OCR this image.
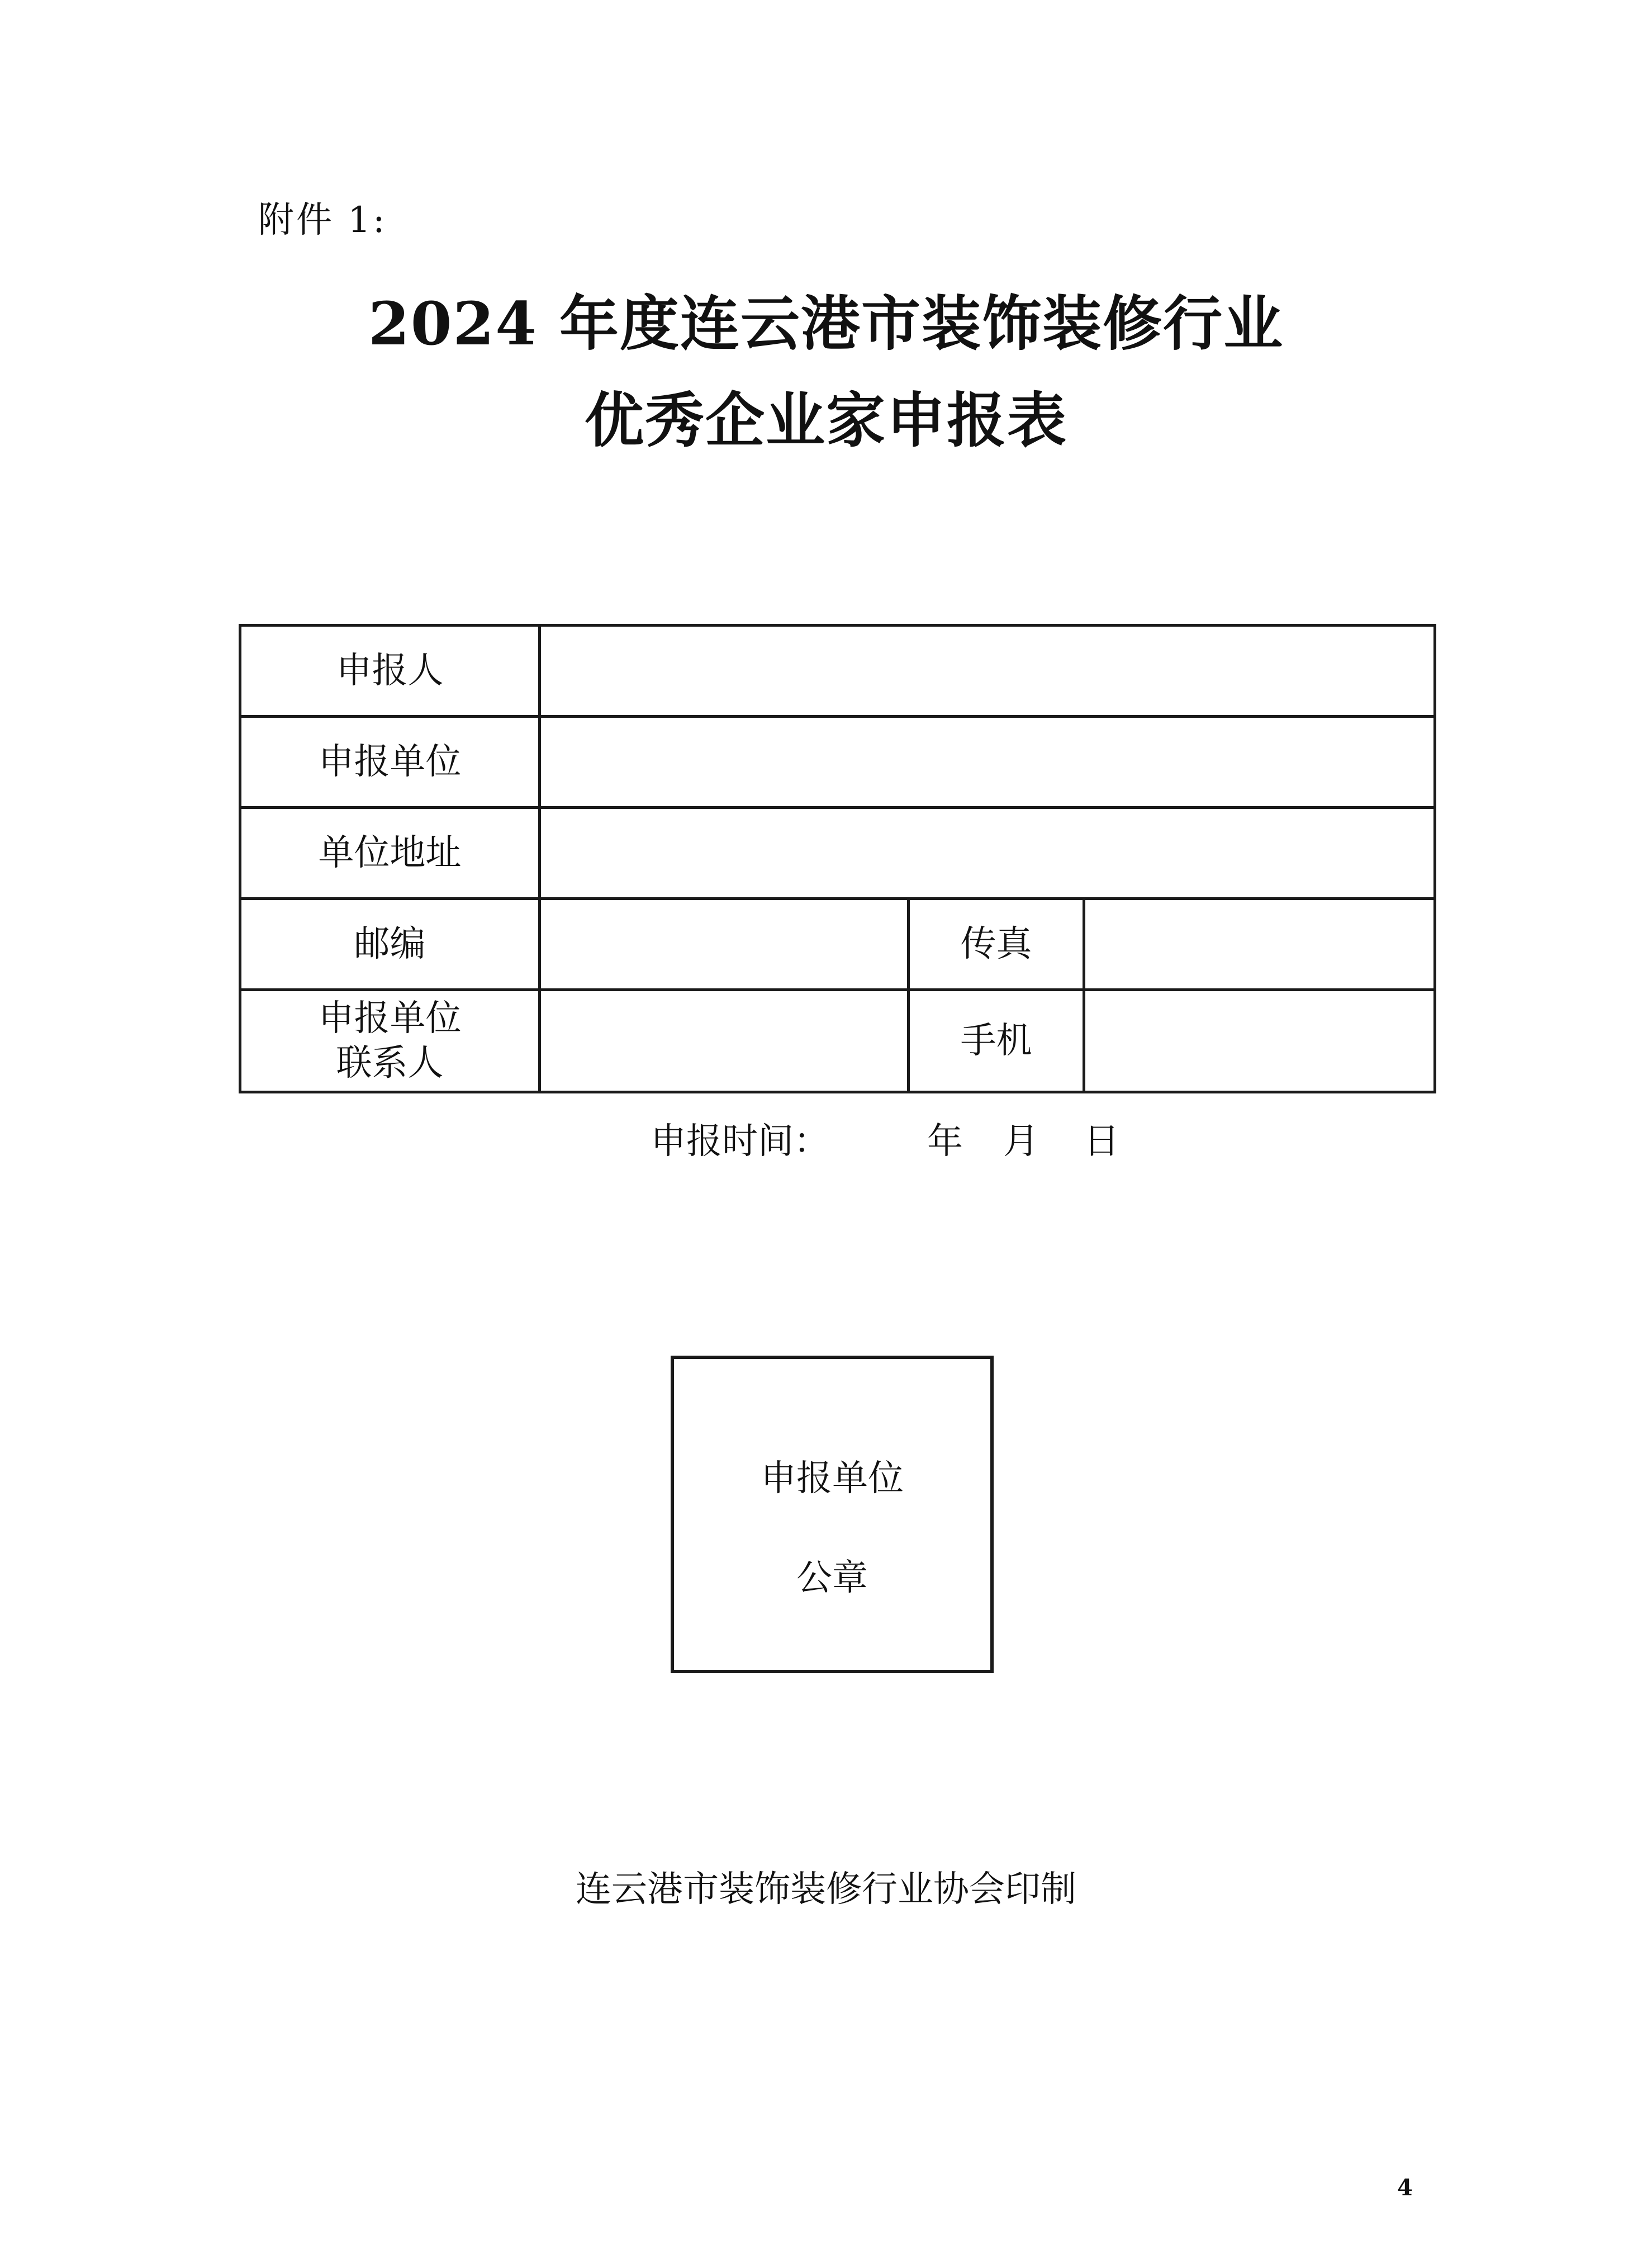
附件 1:
2024 年度连云港市装饰装修行业
优秀企业家申报表
申报人			
申报单位			
单位地址			
邮编		传真	

申报单位
联系人		手机	
申报时间：	年 月 日
申报单位
公章
连云港市装饰装修行业协会印制
4
